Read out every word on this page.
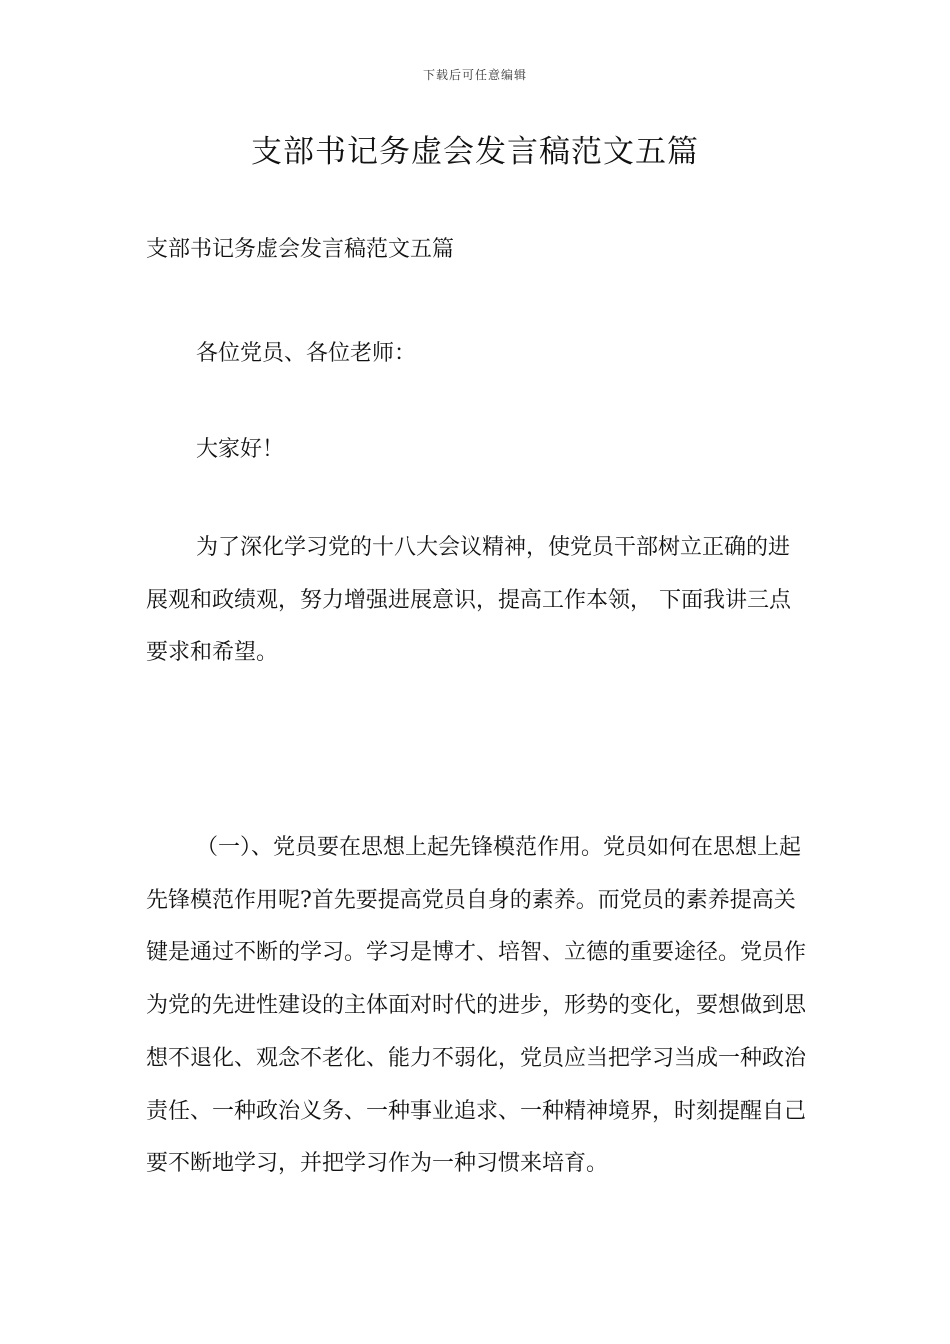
下载后可任意编辑
支部书记务虚会发言稿范文五篇
支部书记务虚会发言稿范文五篇

各位党员、各位老师：

大家好！

为了深化学习党的十八大会议精神，使党员干部树立正确的进展观和政绩观，努力增强进展意识，提高工作本领， 下面我讲三点要求和希望。

（一）、党员要在思想上起先锋模范作用。党员如何在思想上起先锋模范作用呢?首先要提高党员自身的素养。而党员的素养提高关键是通过不断的学习。学习是博才、培智、立德的重要途径。党员作为党的先进性建设的主体面对时代的进步，形势的变化，要想做到思想不退化、观念不老化、能力不弱化，党员应当把学习当成一种政治责任、一种政治义务、一种事业追求、一种精神境界，时刻提醒自己要不断地学习，并把学习作为一种习惯来培育。
